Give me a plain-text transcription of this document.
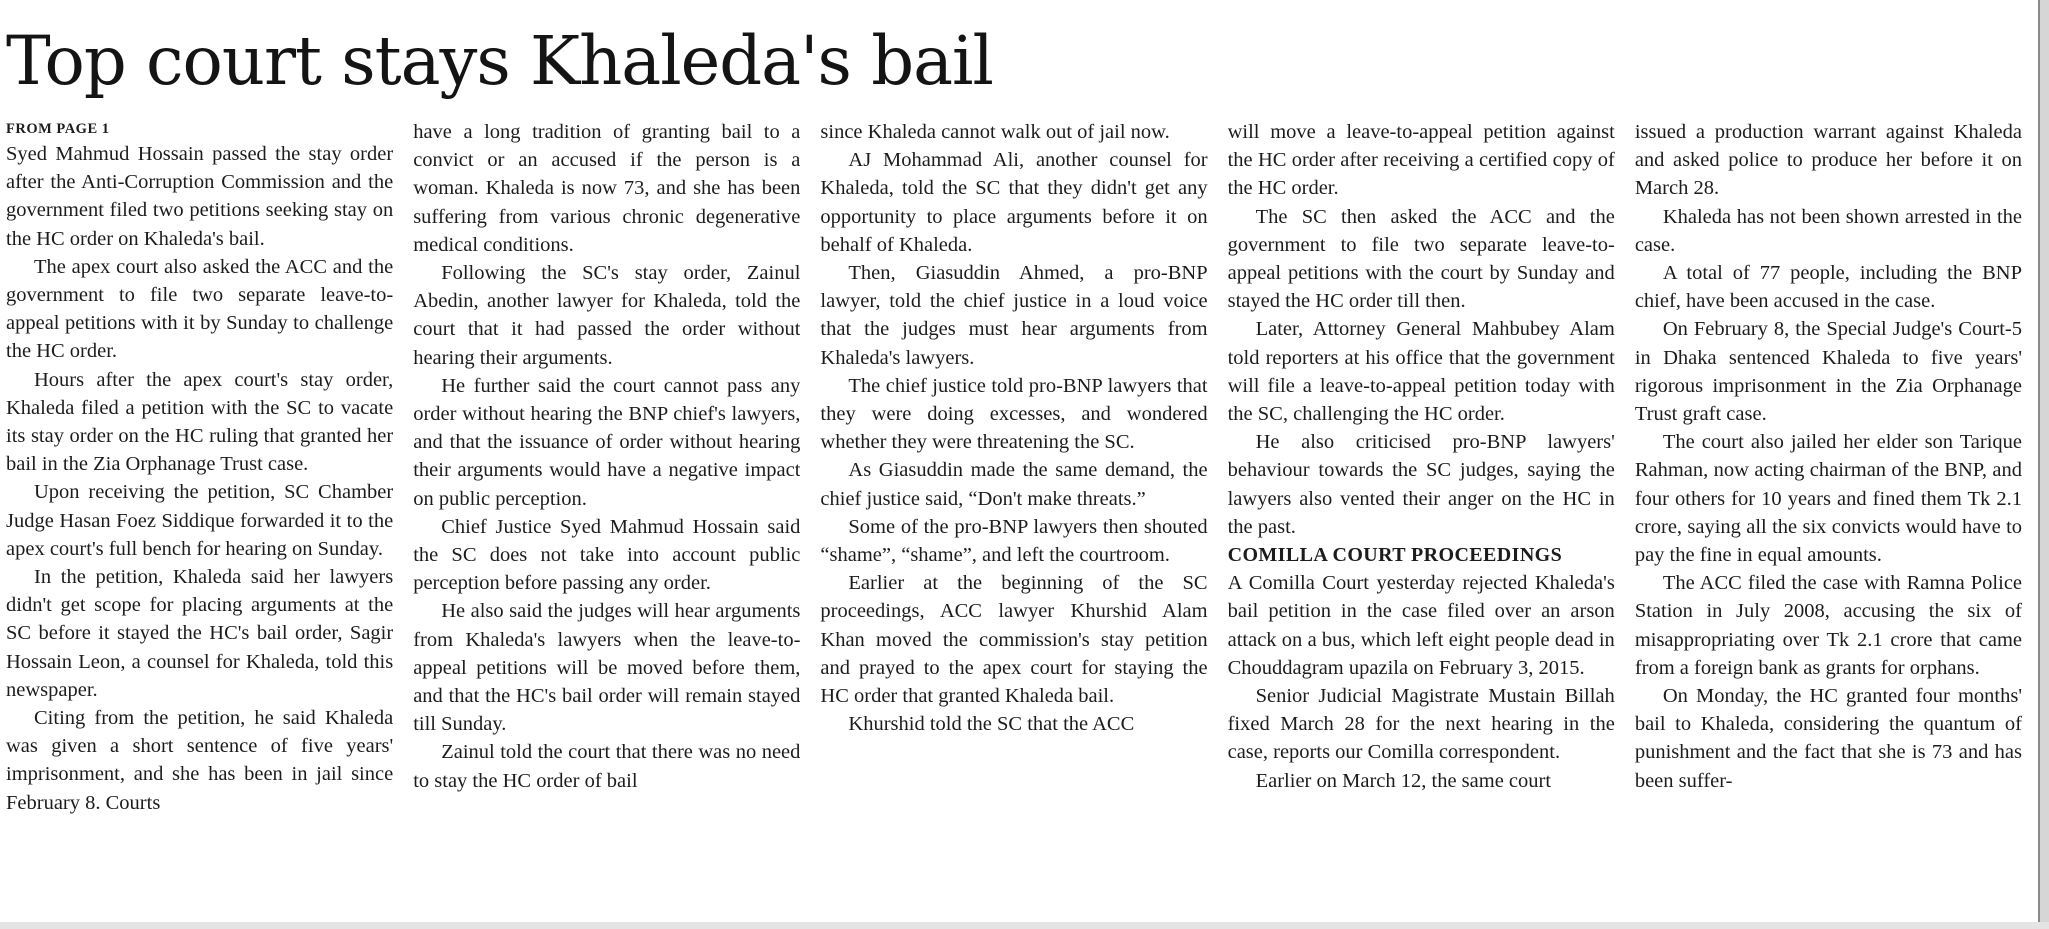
Top court stays Khaleda's bail
FROM PAGE 1

Syed Mahmud Hossain passed the stay order after the Anti-Corruption Commission and the government filed two petitions seeking stay on the HC order on Khaleda's bail.

The apex court also asked the ACC and the government to file two separate leave-to-appeal petitions with it by Sunday to challenge the HC order.

Hours after the apex court's stay order, Khaleda filed a petition with the SC to vacate its stay order on the HC ruling that granted her bail in the Zia Orphanage Trust case.

Upon receiving the petition, SC Chamber Judge Hasan Foez Siddique forwarded it to the apex court's full bench for hearing on Sunday.

In the petition, Khaleda said her lawyers didn't get scope for placing arguments at the SC before it stayed the HC's bail order, Sagir Hossain Leon, a counsel for Khaleda, told this newspaper.

Citing from the petition, he said Khaleda was given a short sentence of five years' imprisonment, and she has been in jail since February 8. Courts

have a long tradition of granting bail to a convict or an accused if the person is a woman. Khaleda is now 73, and she has been suffering from various chronic degenerative medical conditions.

Following the SC's stay order, Zainul Abedin, another lawyer for Khaleda, told the court that it had passed the order without hearing their arguments.

He further said the court cannot pass any order without hearing the BNP chief's lawyers, and that the issuance of order without hearing their arguments would have a negative impact on public perception.

Chief Justice Syed Mahmud Hossain said the SC does not take into account public perception before passing any order.

He also said the judges will hear arguments from Khaleda's lawyers when the leave-to-appeal petitions will be moved before them, and that the HC's bail order will remain stayed till Sunday.

Zainul told the court that there was no need to stay the HC order of bail

since Khaleda cannot walk out of jail now.

AJ Mohammad Ali, another counsel for Khaleda, told the SC that they didn't get any opportunity to place arguments before it on behalf of Khaleda.

Then, Giasuddin Ahmed, a pro-BNP lawyer, told the chief justice in a loud voice that the judges must hear arguments from Khaleda's lawyers.

The chief justice told pro-BNP lawyers that they were doing excesses, and wondered whether they were threatening the SC.

As Giasuddin made the same demand, the chief justice said, “Don't make threats.”

Some of the pro-BNP lawyers then shouted “shame”, “shame”, and left the courtroom.

Earlier at the beginning of the SC proceedings, ACC lawyer Khurshid Alam Khan moved the commission's stay petition and prayed to the apex court for staying the HC order that granted Khaleda bail.

Khurshid told the SC that the ACC

will move a leave-to-appeal petition against the HC order after receiving a certified copy of the HC order.

The SC then asked the ACC and the government to file two separate leave-to-appeal petitions with the court by Sunday and stayed the HC order till then.

Later, Attorney General Mahbubey Alam told reporters at his office that the government will file a leave-to-appeal petition today with the SC, challenging the HC order.

He also criticised pro-BNP lawyers' behaviour towards the SC judges, saying the lawyers also vented their anger on the HC in the past.

COMILLA COURT PROCEEDINGS

A Comilla Court yesterday rejected Khaleda's bail petition in the case filed over an arson attack on a bus, which left eight people dead in Chouddagram upazila on February 3, 2015.

Senior Judicial Magistrate Mustain Billah fixed March 28 for the next hearing in the case, reports our Comilla correspondent.

Earlier on March 12, the same court

issued a production warrant against Khaleda and asked police to produce her before it on March 28.

Khaleda has not been shown arrested in the case.

A total of 77 people, including the BNP chief, have been accused in the case.

On February 8, the Special Judge's Court-5 in Dhaka sentenced Khaleda to five years' rigorous imprisonment in the Zia Orphanage Trust graft case.

The court also jailed her elder son Tarique Rahman, now acting chairman of the BNP, and four others for 10 years and fined them Tk 2.1 crore, saying all the six convicts would have to pay the fine in equal amounts.

The ACC filed the case with Ramna Police Station in July 2008, accusing the six of misappropriating over Tk 2.1 crore that came from a foreign bank as grants for orphans.

On Monday, the HC granted four months' bail to Khaleda, considering the quantum of punishment and the fact that she is 73 and has been suffer-
